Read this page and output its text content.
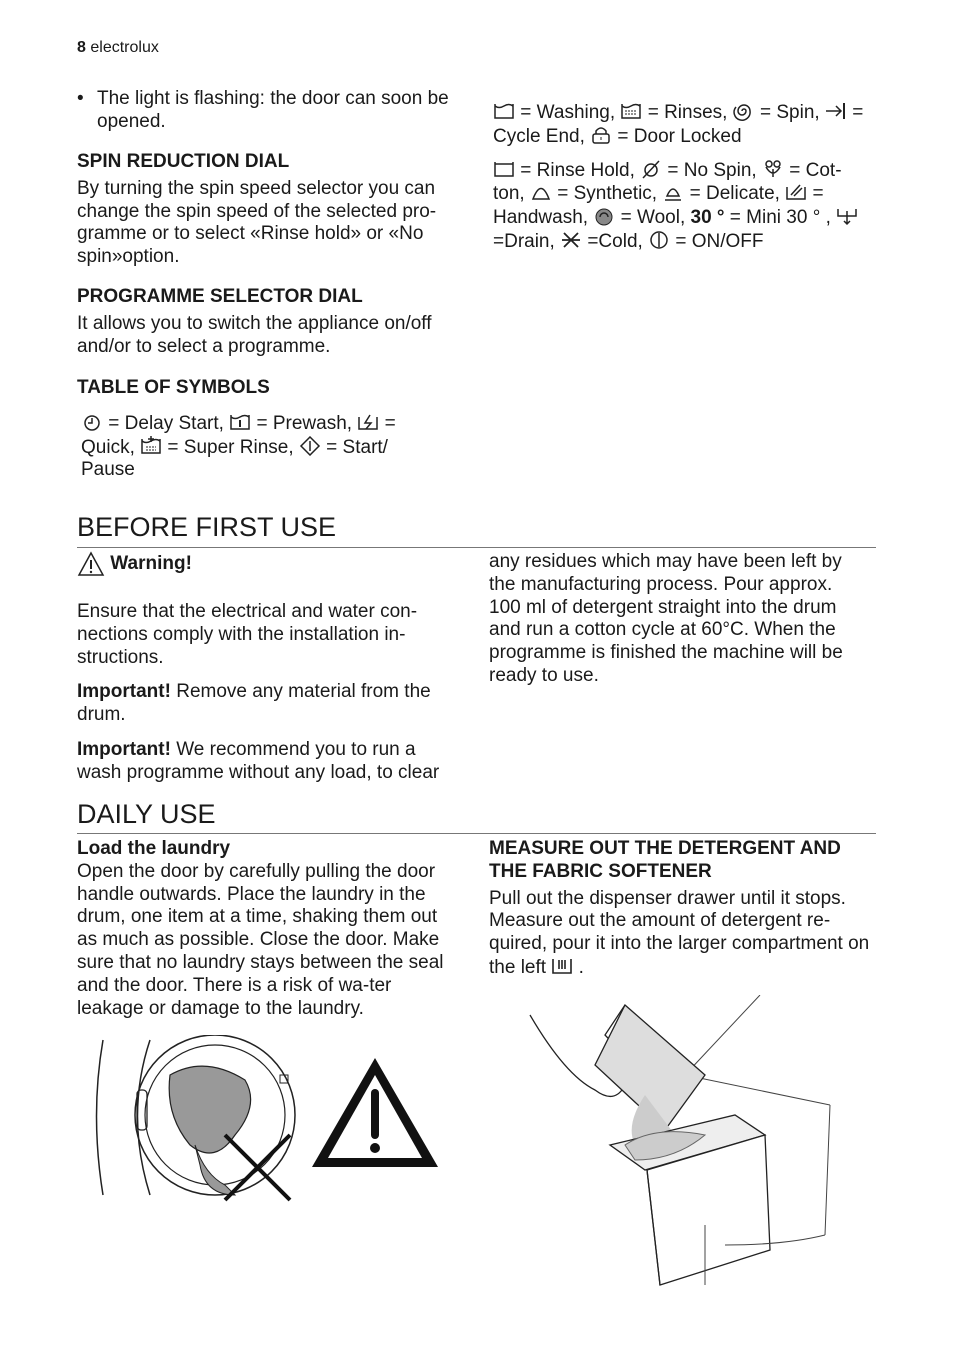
8 electrolux
• The light is flashing: the door can soon be opened.

SPIN REDUCTION DIAL

By turning the spin speed selector you can change the spin speed of the selected pro-gramme or to select «Rinse hold» or «No spin»option.

PROGRAMME SELECTOR DIAL

It allows you to switch the appliance on/off and/or to select a programme.

TABLE OF SYMBOLS

= Delay Start,  = Prewash,  = Quick,  = Super Rinse,  = Start/ Pause

= Washing,  = Rinses,  = Spin,  = Cycle End,  = Door Locked

= Rinse Hold,  = No Spin,  = Cot-ton,  = Synthetic,  = Delicate,  = Handwash,  = Wool, 30 ° = Mini 30 ° ,  =Drain,  =Cold,  = ON/OFF

BEFORE FIRST USE

Warning!

Ensure that the electrical and water con-nections comply with the installation in-structions.

Important! Remove any material from the drum.

Important! We recommend you to run a wash programme without any load, to clear

any residues which may have been left by the manufacturing process. Pour approx. 100 ml of detergent straight into the drum and run a cotton cycle at 60°C. When the programme is finished the machine will be ready to use.

DAILY USE

Load the laundry

Open the door by carefully pulling the door handle outwards. Place the laundry in the drum, one item at a time, shaking them out as much as possible. Close the door. Make sure that no laundry stays between the seal and the door. There is a risk of wa-ter leakage or damage to the laundry.

MEASURE OUT THE DETERGENT AND THE FABRIC SOFTENER

Pull out the dispenser drawer until it stops. Measure out the amount of detergent re-quired, pour it into the larger compartment on the left  .
